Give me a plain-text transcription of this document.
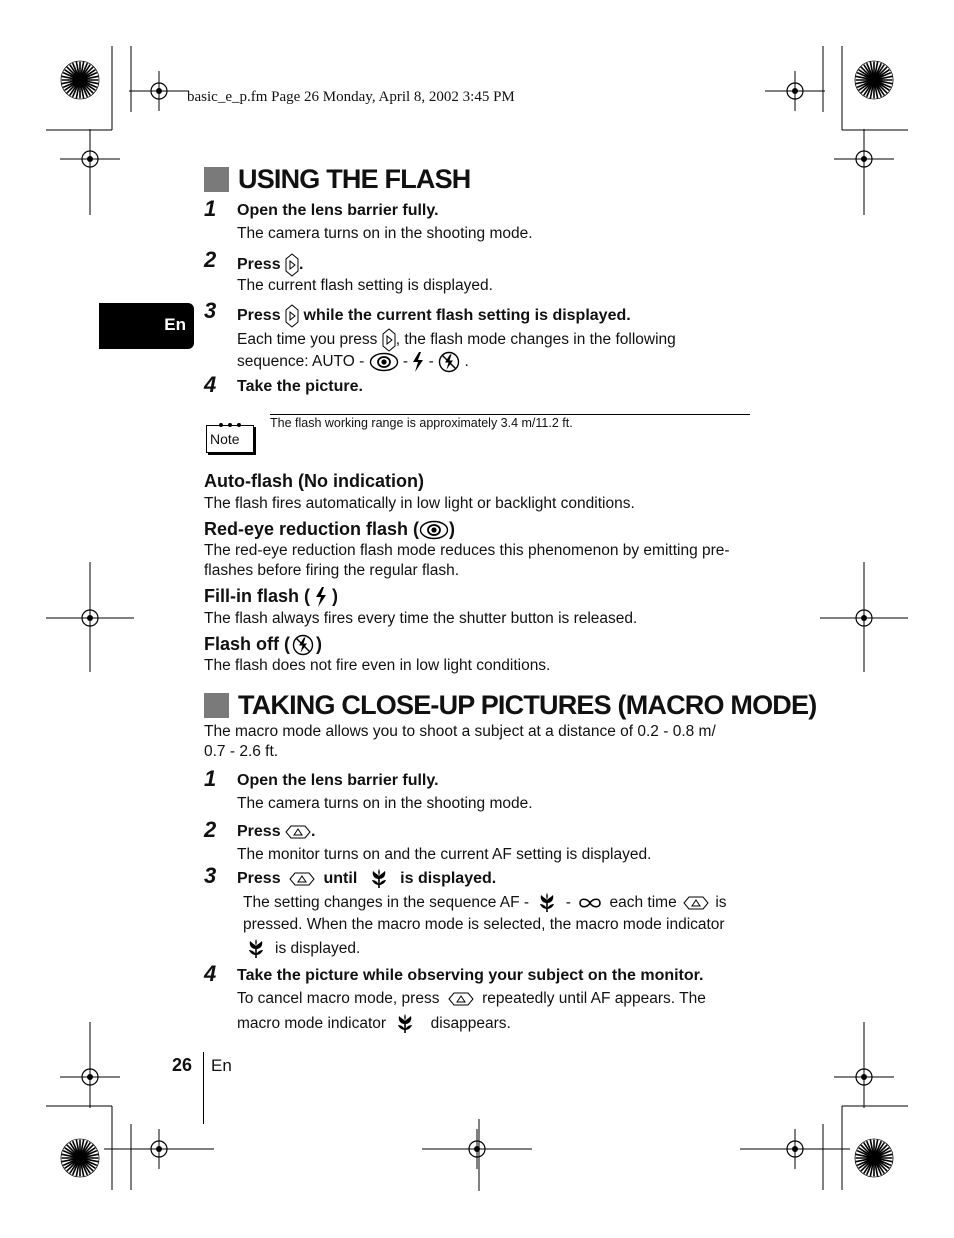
basic_e_p.fm Page 26 Monday, April 8, 2002 3:45 PM
En
USING THE FLASH
1 Open the lens barrier fully.
The camera turns on in the shooting mode.
2 Press .
The current flash setting is displayed.
3 Press while the current flash setting is displayed.
Each time you press , the flash mode changes in the following
sequence: AUTO - - - .
4 Take the picture.
The flash working range is approximately 3.4 m/11.2 ft.
Note
Auto-flash (No indication)
The flash fires automatically in low light or backlight conditions.
Red-eye reduction flash ( )
The red-eye reduction flash mode reduces this phenomenon by emitting pre-
flashes before firing the regular flash.
Fill-in flash ( )
The flash always fires every time the shutter button is released.
Flash off ( )
The flash does not fire even in low light conditions.
TAKING CLOSE-UP PICTURES (MACRO MODE)
The macro mode allows you to shoot a subject at a distance of 0.2 - 0.8 m/
0.7 - 2.6 ft.
1 Open the lens barrier fully.
The camera turns on in the shooting mode.
2 Press .
The monitor turns on and the current AF setting is displayed.
3 Press	until	is displayed.
The setting changes in the sequence AF - - each time is
pressed. When the macro mode is selected, the macro mode indicator
is displayed.
4 Take the picture while observing your subject on the monitor.
To cancel macro mode, press	repeatedly until AF appears. The
macro mode indicator	disappears.
26 En
